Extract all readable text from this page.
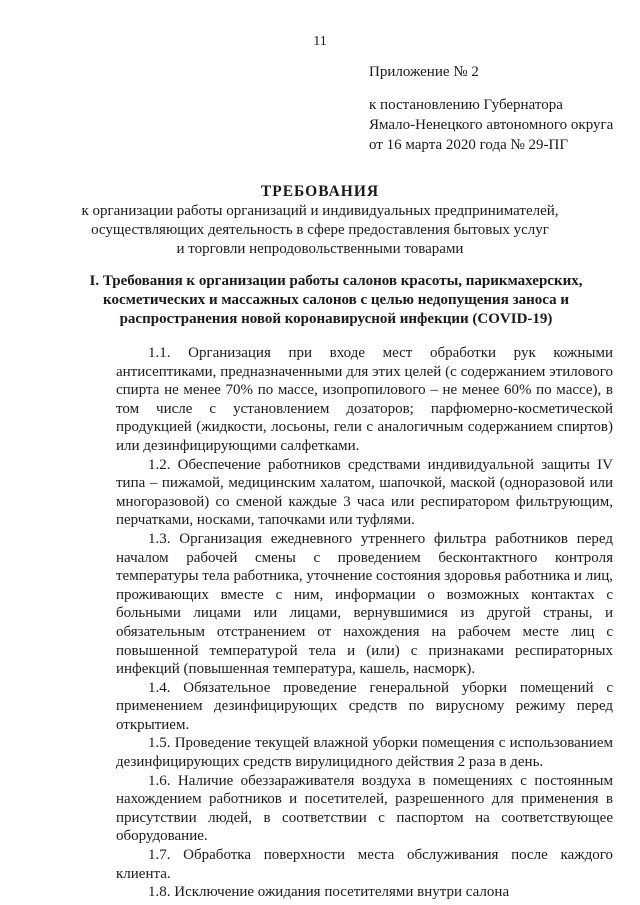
11
Приложение № 2
к постановлению Губернатора
Ямало-Ненецкого автономного округа
от 16 марта 2020 года № 29-ПГ
ТРЕБОВАНИЯ
к организации работы организаций и индивидуальных предпринимателей,
осуществляющих деятельность в сфере предоставления бытовых услуг
и торговли непродовольственными товарами
I. Требования к организации работы салонов красоты, парикмахерских,
косметических и массажных салонов с целью недопущения заноса и
распространения новой коронавирусной инфекции (COVID-19)

1.1. Организация при входе мест обработки рук кожными антисептиками, предназначенными для этих целей (с содержанием этилового спирта не менее 70% по массе, изопропилового – не менее 60% по массе), в том числе с установлением дозаторов; парфюмерно-косметической продукцией (жидкости, лосьоны, гели с аналогичным содержанием спиртов) или дезинфицирующими салфетками.

1.2. Обеспечение работников средствами индивидуальной защиты IV типа – пижамой, медицинским халатом, шапочкой, маской (одноразовой или многоразовой) со сменой каждые 3 часа или респиратором фильтрующим, перчатками, носками, тапочками или туфлями.

1.3. Организация ежедневного утреннего фильтра работников перед началом рабочей смены с проведением бесконтактного контроля температуры тела работника, уточнение состояния здоровья работника и лиц, проживающих вместе с ним, информации о возможных контактах с больными лицами или лицами, вернувшимися из другой страны, и обязательным отстранением от нахождения на рабочем месте лиц с повышенной температурой тела и (или) с признаками респираторных инфекций (повышенная температура, кашель, насморк).

1.4. Обязательное проведение генеральной уборки помещений с применением дезинфицирующих средств по вирусному режиму перед открытием.

1.5. Проведение текущей влажной уборки помещения с использованием дезинфицирующих средств вирулицидного действия 2 раза в день.

1.6. Наличие обеззараживателя воздуха в помещениях с постоянным нахождением работников и посетителей, разрешенного для применения в присутствии людей, в соответствии с паспортом на соответствующее оборудование.

1.7. Обработка поверхности места обслуживания после каждого клиента.

1.8. Исключение ожидания посетителями внутри салона
